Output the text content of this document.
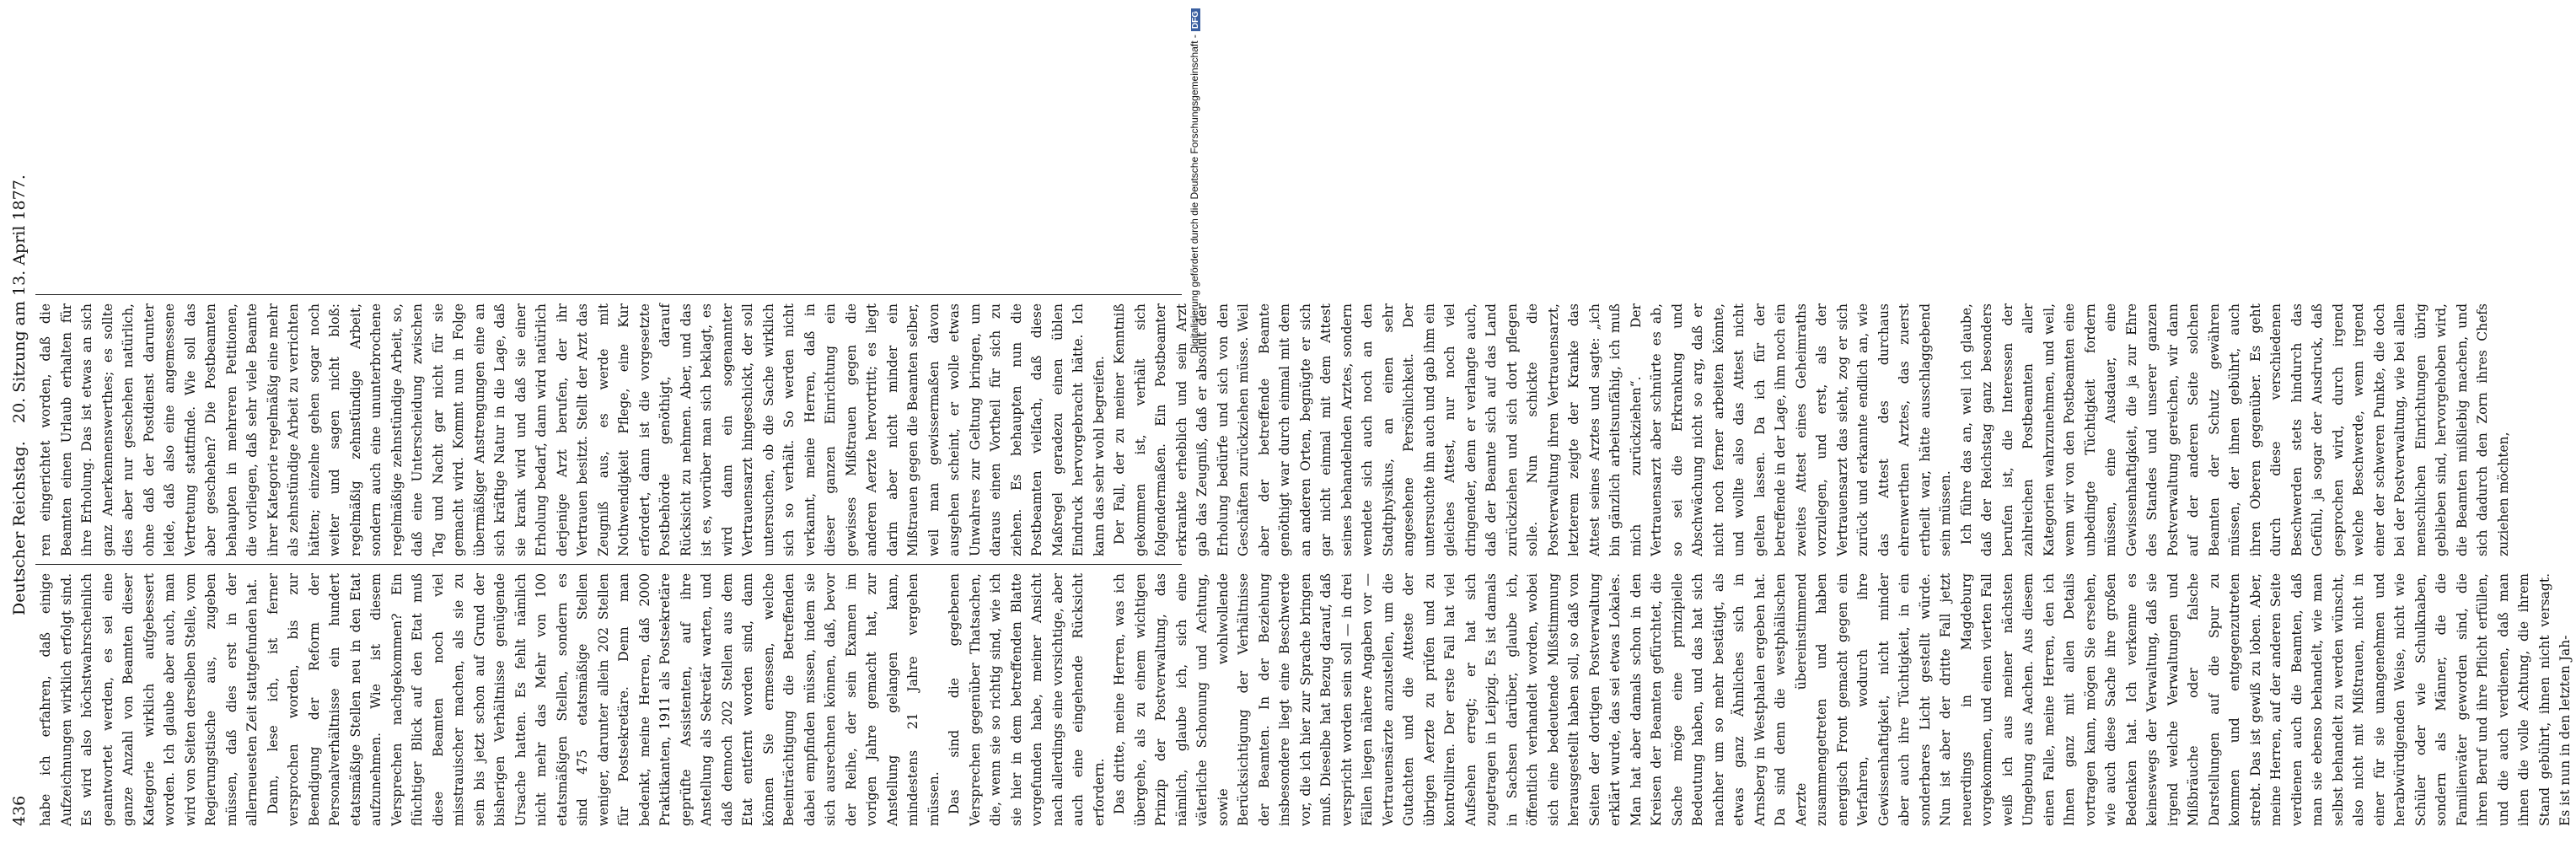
436
Deutscher Reichstag.
20. Sitzung am 13. April 1877.

habe ich erfahren, daß einige Aufzeichnungen wirklich erfolgt sind. Es wird also höchstwahrscheinlich geantwortet werden, es sei eine ganze Anzahl von Beamten dieser Kategorie wirklich aufgebessert worden. Ich glaube aber auch, man wird von Seiten derselben Stelle, vom Regierungstische aus, zugeben müssen, daß dies erst in der allerneuesten Zeit stattgefunden hat. Dann, lese ich, ist ferner versprochen worden, bis zur Beendigung der Reform der Personalverhältnisse ein hundert etatsmäßige Stellen neu in den Etat aufzunehmen. Wie ist diesem Versprechen nachgekommen? Ein flüchtiger Blick auf den Etat muß diese Beamten noch viel misstrauischer machen, als sie zu sein bis jetzt schon auf Grund der bisherigen Verhältnisse genügende Ursache hatten. Es fehlt nämlich nicht mehr das Mehr von 100 etatsmäßigen Stellen, sondern es sind 475 etatsmäßige Stellen weniger, darunter allein 202 Stellen für Postsekretäre. Denn man bedenkt, meine Herren, daß 2000 Praktikanten, 1911 als Postsekretäre geprüfte Assistenten, auf ihre Anstellung als Sekretär warten, und daß dennoch 202 Stellen aus dem Etat entfernt worden sind, dann können Sie ermessen, welche Beeinträchtigung die Betreffenden dabei empfinden müssen, indem sie sich ausrechnen können, daß, bevor der Reihe, der sein Examen im vorigen Jahre gemacht hat, zur Anstellung gelangen kann, mindestens 21 Jahre vergehen müssen. Das sind die gegebenen Versprechen gegenüber Thatsachen, die, wenn sie so richtig sind, wie ich sie hier in dem betreffenden Blatte vorgefunden habe, meiner Ansicht nach allerdings eine vorsichtige, aber auch eine eingehende Rücksicht erfordern. Das dritte, meine Herren, was ich übergehe, als zu einem wichtigen Prinzip der Postverwaltung, das nämlich, glaube ich, sich eine väterliche Schonung und Achtung, sowie wohlwollende Berücksichtigung der Verhältnisse der Beamten. In der Beziehung insbesondere liegt eine Beschwerde vor, die ich hier zur Sprache bringen muß. Dieselbe hat Bezug darauf, daß verspricht worden sein soll — in drei Fällen liegen nähere Angaben vor — Vertrauensärzte anzustellen, um die Gutachten und die Atteste der übrigen Aerzte zu prüfen und zu kontrolliren. Der erste Fall hat viel Aufsehen erregt; er hat sich zugetragen in Leipzig. Es ist damals in Sachsen darüber, glaube ich, öffentlich verhandelt worden, wobei sich eine bedeutende Mißstimmung herausgestellt haben soll, so daß von Seiten der dortigen Postverwaltung erklärt wurde, das sei etwas Lokales. Man hat aber damals schon in den Kreisen der Beamten gefürchtet, die Sache möge eine prinzipielle Bedeutung haben, und das hat sich nachher um so mehr bestätigt, als etwas ganz Ähnliches sich in Arnsberg in Westphalen ergeben hat. Da sind denn die westphälischen Aerzte übereinstimmend zusammengetreten und haben energisch Front gemacht gegen ein Verfahren, wodurch ihre Gewissenhaftigkeit, nicht minder aber auch ihre Tüchtigkeit, in ein sonderbares Licht gestellt würde. Nun ist aber der dritte Fall jetzt neuerdings in Magdeburg vorgekommen, und einen vierten Fall weiß ich aus meiner nächsten Umgebung aus Aachen. Aus diesem einen Falle, meine Herren, den ich Ihnen ganz mit allen Details vortragen kann, mögen Sie ersehen, wie auch diese Sache ihre großen Bedenken hat. Ich verkenne es keineswegs der Verwaltung, daß sie irgend welche Verwaltungen und Mißbräuche oder falsche Darstellungen auf die Spur zu kommen und entgegenzutreten strebt. Das ist gewiß zu loben. Aber, meine Herren, auf der anderen Seite verdienen auch die Beamten, daß man sie ebenso behandelt, wie man selbst behandelt zu werden wünscht, also nicht mit Mißtrauen, nicht in einer für sie unangenehmen und herabwürdigenden Weise, nicht wie Schüler oder wie Schulknaben, sondern als Männer, die die Familienväter geworden sind, die ihren Beruf und ihre Pflicht erfüllen, und die auch verdienen, daß man ihnen die volle Achtung, die ihrem Stand gebührt, ihnen nicht versagt. Es ist nun in den letzten Jah-

ren eingerichtet worden, daß die Beamten einen Urlaub erhalten für ihre Erholung. Das ist etwas an sich ganz Anerkennenswerthes; es sollte dies aber nur geschehen natürlich, ohne daß der Postdienst darunter leide, daß also eine angemessene Vertretung stattfinde. Wie soll das aber geschehen? Die Postbeamten behaupten in mehreren Petitionen, die vorliegen, daß sehr viele Beamte ihrer Kategorie regelmäßig eine mehr als zehnstündige Arbeit zu verrichten hätten; einzelne gehen sogar noch weiter und sagen nicht bloß: regelmäßig zehnstündige Arbeit, sondern auch eine ununterbrochene regelmäßige zehnstündige Arbeit, so, daß eine Unterscheidung zwischen Tag und Nacht gar nicht für sie gemacht wird. Kommt nun in Folge übermäßiger Anstrengungen eine an sich kräftige Natur in die Lage, daß sie krank wird und daß sie einer Erholung bedarf, dann wird natürlich derjenige Arzt berufen, der ihr Vertrauen besitzt. Stellt der Arzt das Zeugniß aus, es werde mit Nothwendigkeit Pflege, eine Kur erfordert, dann ist die vorgesetzte Postbehörde genöthigt, darauf Rücksicht zu nehmen. Aber, und das ist es, worüber man sich beklagt, es wird dann ein sogenannter Vertrauensarzt hingeschickt, der soll untersuchen, ob die Sache wirklich sich so verhält. So werden nicht verkannt, meine Herren, daß in dieser ganzen Einrichtung ein gewisses Mißtrauen gegen die anderen Aerzte hervortritt; es liegt darin aber nicht minder ein Mißtrauen gegen die Beamten selber, weil man gewissermaßen davon ausgehen scheint, er wolle etwas Unwahres zur Geltung bringen, um daraus einen Vortheil für sich zu ziehen. Es behaupten nun die Postbeamten vielfach, daß diese Maßregel geradezu einen üblen Eindruck hervorgebracht hätte. Ich kann das sehr wohl begreifen. Der Fall, der zu meiner Kenntniß gekommen ist, verhält sich folgendermaßen. Ein Postbeamter erkrankte erheblich und sein Arzt gab das Zeugniß, daß er absolut der Erholung bedürfe und sich von den Geschäften zurückziehen müsse. Weil aber der betreffende Beamte genöthigt war durch einmal mit dem an anderen Orten, begnügte er sich gar nicht einmal mit dem Attest seines behandelnden Arztes, sondern wendete sich auch noch an den Stadtphysikus, an einen sehr angesehene Persönlichkeit. Der untersuchte ihn auch und gab ihm ein gleiches Attest, nur noch viel dringender, denn er verlangte auch, daß der Beamte sich auf das Land zurückziehen und sich dort pflegen solle. Nun schickte die Postverwaltung ihren Vertrauensarzt, letzterem zeigte der Kranke das Attest seines Arztes und sagte: „ich bin gänzlich arbeitsunfähig, ich muß mich zurückziehen“. Der Vertrauensarzt aber schnürte es ab, so sei die Erkrankung und Abschwächung nicht so arg, daß er nicht noch ferner arbeiten könnte, und wollte also das Attest nicht gelten lassen. Da ich für der betreffende in der Lage, ihm noch ein zweites Attest eines Geheimraths vorzulegen, und erst, als der Vertrauensarzt das sieht, zog er sich zurück und erkannte endlich an, wie das Attest des durchaus ehrenwerthen Arztes, das zuerst ertheilt war, hätte ausschlaggebend sein müssen. Ich führe das an, weil ich glaube, daß der Reichstag ganz besonders berufen ist, die Interessen der zahlreichen Postbeamten aller Kategorien wahrzunehmen, und weil, wenn wir von den Postbeamten eine unbedingte Tüchtigkeit fordern müssen, eine Ausdauer, eine Gewissenhaftigkeit, die ja zur Ehre des Standes und unserer ganzen Postverwaltung gereichen, wir dann auf der anderen Seite solchen Beamten der Schutz gewähren müssen, der ihnen gebührt, auch ihren Oberen gegenüber. Es geht durch diese verschiedenen Beschwerden stets hindurch das Gefühl, ja sogar der Ausdruck, daß gesprochen wird, durch irgend welche Beschwerde, wenn irgend einer der schweren Punkte, die doch bei der Postverwaltung, wie bei allen menschlichen Einrichtungen übrig geblieben sind, hervorgehoben wird, die Beamten mißliebig machen, und sich dadurch den Zorn ihres Chefs zuziehen möchten,

Digitalisierung gefördert durch die Deutsche Forschungsgemeinschaft -DFG
